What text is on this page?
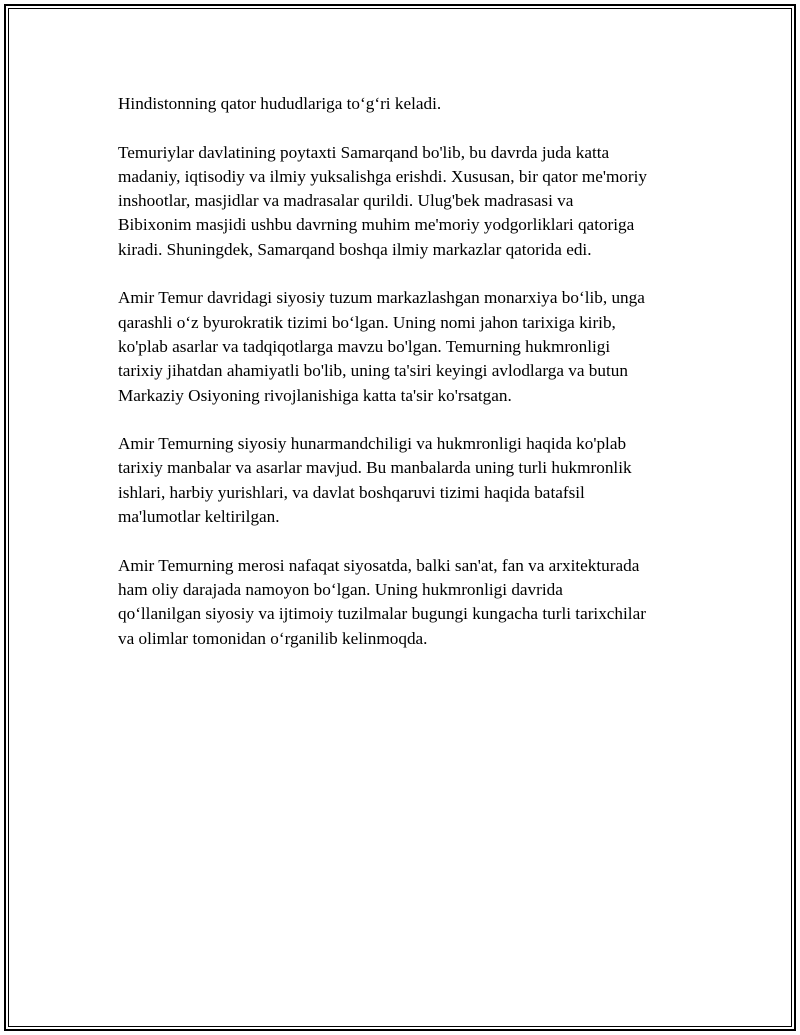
Hindistonning qator hududlariga to‘g‘ri keladi.

Temuriylar davlatining poytaxti Samarqand bo'lib, bu davrda juda katta
madaniy, iqtisodiy va ilmiy yuksalishga erishdi. Xususan, bir qator me'moriy
inshootlar, masjidlar va madrasalar qurildi. Ulug'bek madrasasi va
Bibixonim masjidi ushbu davrning muhim me'moriy yodgorliklari qatoriga
kiradi. Shuningdek, Samarqand boshqa ilmiy markazlar qatorida edi.

Amir Temur davridagi siyosiy tuzum markazlashgan monarxiya bo‘lib, unga
qarashli o‘z byurokratik tizimi bo‘lgan. Uning nomi jahon tarixiga kirib,
ko'plab asarlar va tadqiqotlarga mavzu bo'lgan. Temurning hukmronligi
tarixiy jihatdan ahamiyatli bo'lib, uning ta'siri keyingi avlodlarga va butun
Markaziy Osiyoning rivojlanishiga katta ta'sir ko'rsatgan.

Amir Temurning siyosiy hunarmandchiligi va hukmronligi haqida ko'plab
tarixiy manbalar va asarlar mavjud. Bu manbalarda uning turli hukmronlik
ishlari, harbiy yurishlari, va davlat boshqaruvi tizimi haqida batafsil
ma'lumotlar keltirilgan.

Amir Temurning merosi nafaqat siyosatda, balki san'at, fan va arxitekturada
ham oliy darajada namoyon bo‘lgan. Uning hukmronligi davrida
qo‘llanilgan siyosiy va ijtimoiy tuzilmalar bugungi kungacha turli tarixchilar
va olimlar tomonidan o‘rganilib kelinmoqda.
